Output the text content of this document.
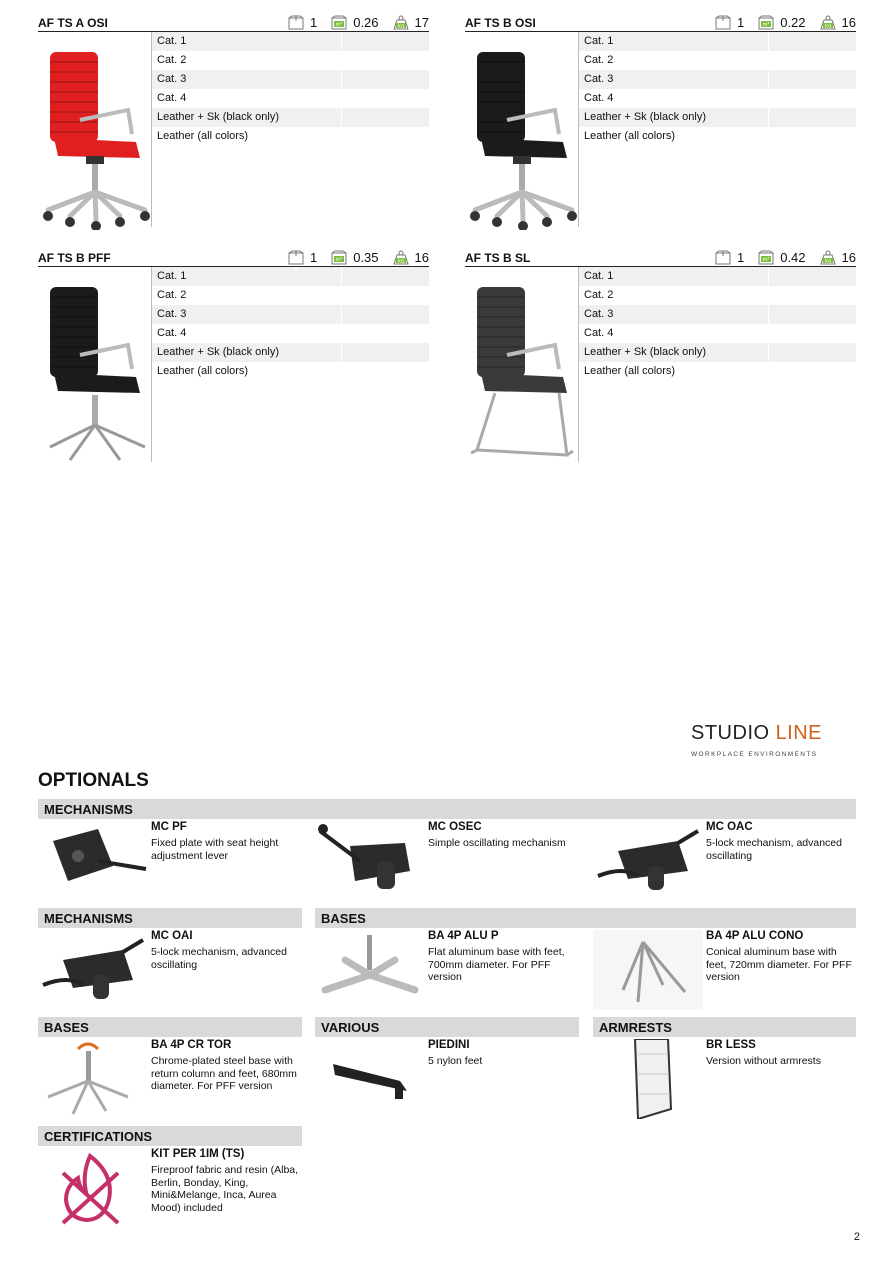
AF TS A OSI	1	m³ 0.26	kg 17
Cat. 1
Cat. 2
Cat. 3
Cat. 4
Leather + Sk (black only)
Leather (all colors)
AF TS B OSI	1	m³ 0.22	kg 16
Cat. 1
Cat. 2
Cat. 3
Cat. 4
Leather + Sk (black only)
Leather (all colors)
AF TS B PFF	1	m³ 0.35	kg 16
Cat. 1
Cat. 2
Cat. 3
Cat. 4
Leather + Sk (black only)
Leather (all colors)
AF TS B SL	1	m³ 0.42	kg 16
Cat. 1
Cat. 2
Cat. 3
Cat. 4
Leather + Sk (black only)
Leather (all colors)
STUDIO LINE
WORKPLACE ENVIRONMENTS
OPTIONALS
MECHANISMS
MECHANISMS	BASES
BASES	VARIOUS	ARMRESTS
CERTIFICATIONS
MC PF
Fixed plate with seat height adjustment lever
MC OSEC
Simple oscillating mechanism
MC OAC
5-lock mechanism, advanced oscillating
MC OAI
5-lock mechanism, advanced oscillating
BA 4P ALU P
Flat aluminum base with feet, 700mm diameter. For PFF version
BA 4P ALU CONO
Conical aluminum base with feet, 720mm diameter. For PFF version
BA 4P CR TOR
Chrome-plated steel base with return column and feet, 680mm diameter. For PFF version
PIEDINI
5 nylon feet
BR LESS
Version without armrests
KIT PER 1IM (TS)
Fireproof fabric and resin (Alba, Berlin, Bonday, King, Mini&Melange, Inca, Aurea Mood) included
2
